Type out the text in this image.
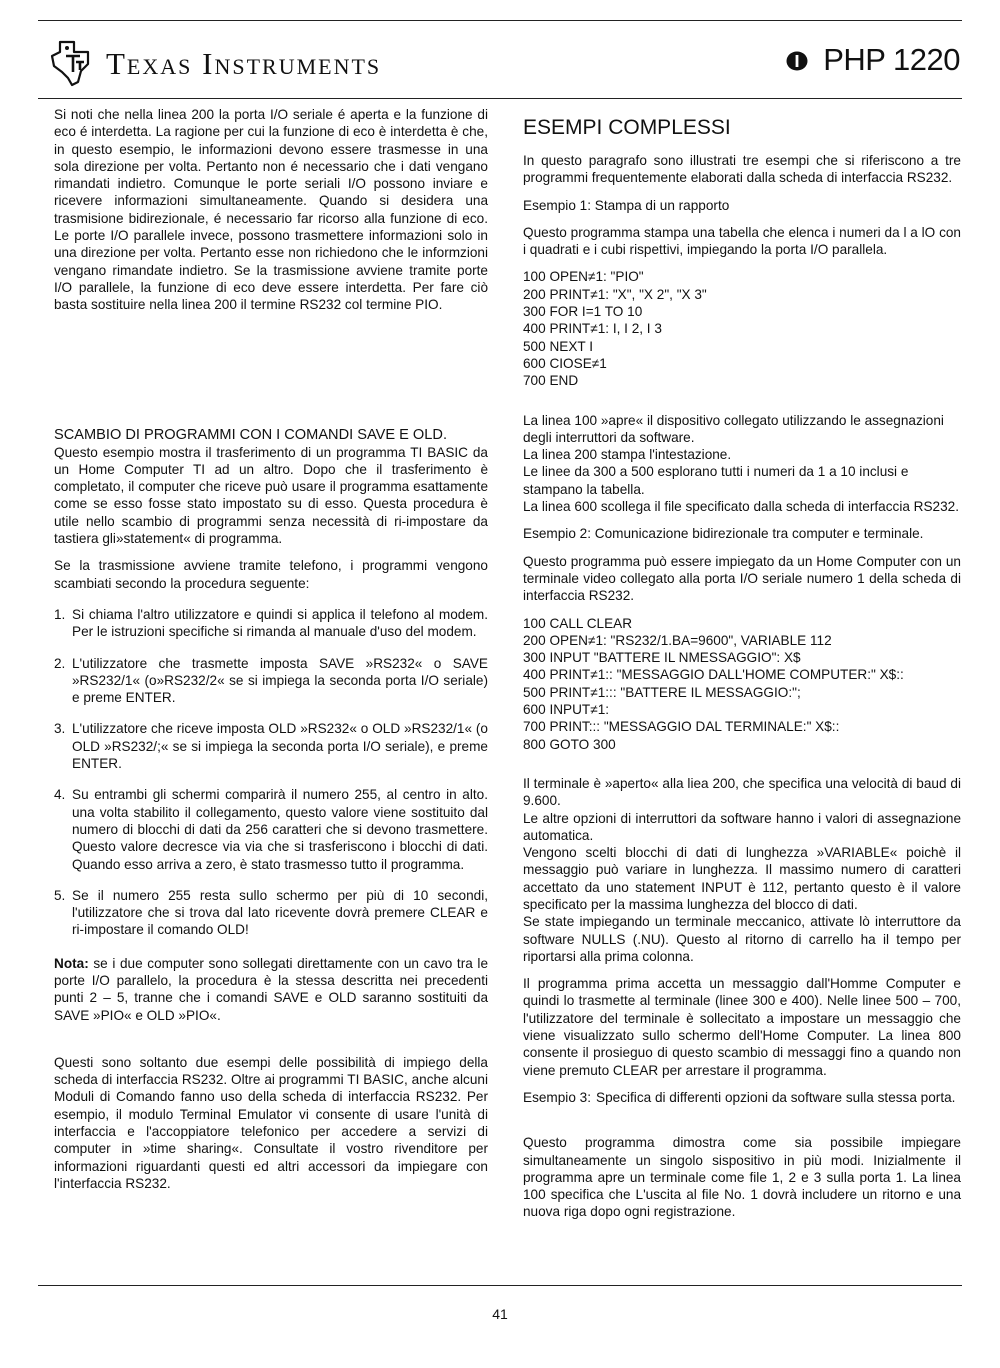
Texas Instruments	PHP 1220

Si noti che nella linea 200 la porta I/O seriale é aperta e la funzione di eco é interdetta. La ragione per cui la funzione di eco è interdetta è che, in questo esempio, le informazioni devono essere trasmesse in una sola direzione per volta. Pertanto non é necessario che i dati vengano rimandati indietro. Comunque le porte seriali I/O possono inviare e ricevere informazioni simultaneamente. Quando si desidera una trasmisione bidirezionale, é necessario far ricorso alla funzione di eco. Le porte I/O parallele invece, possono trasmettere informazioni solo in una direzione per volta. Pertanto esse non richiedono che le informzioni vengano rimandate indietro. Se la trasmissione avviene tramite porte I/O parallele, la funzione di eco deve essere interdetta. Per fare ciò basta sostituire nella linea 200 il termine RS232 col termine PIO.

SCAMBIO DI PROGRAMMI CON I COMANDI SAVE E OLD.

Questo esempio mostra il trasferimento di un programma TI BASIC da un Home Computer TI ad un altro. Dopo che il trasferimento è completato, il computer che riceve può usare il programma esattamente come se esso fosse stato impostato su di esso. Questa procedura è utile nello scambio di programmi senza necessità di ri-impostare da tastiera gli»statement« di programma.

Se la trasmissione avviene tramite telefono, i programmi vengono scambiati secondo la procedura seguente:

1. Si chiama l'altro utilizzatore e quindi si applica il telefono al modem. Per le istruzioni specifiche si rimanda al manuale d'uso del modem.
2. L'utilizzatore che trasmette imposta SAVE »RS232« o SAVE »RS232/1« (o»RS232/2« se si impiega la seconda porta I/O seriale) e preme ENTER.
3. L'utilizzatore che riceve imposta OLD »RS232« o OLD »RS232/1« (o OLD »RS232/;« se si impiega la seconda porta I/O seriale), e preme ENTER.
4. Su entrambi gli schermi comparirà il numero 255, al centro in alto. una volta stabilito il collegamento, questo valore viene sostituito dal numero di blocchi di dati da 256 caratteri che si devono trasmettere. Questo valore decresce via via che si trasferiscono i blocchi di dati. Quando esso arriva a zero, è stato trasmesso tutto il programma.
5. Se il numero 255 resta sullo schermo per più di 10 secondi, l'utilizzatore che si trova dal lato ricevente dovrà premere CLEAR e ri-impostare il comando OLD!

Nota: se i due computer sono sollegati direttamente con un cavo tra le porte I/O parallelo, la procedura è la stessa descritta nei precedenti punti 2 – 5, tranne che i comandi SAVE e OLD saranno sostituiti da SAVE »PIO« e OLD »PIO«.

Questi sono soltanto due esempi delle possibilità di impiego della scheda di interfaccia RS232. Oltre ai programmi TI BASIC, anche alcuni Moduli di Comando fanno uso della scheda di interfaccia RS232. Per esempio, il modulo Terminal Emulator vi consente di usare l'unità di interfaccia e l'accoppiatore telefonico per accedere a servizi di computer in »time sharing«. Consultate il vostro rivenditore per informazioni riguardanti questi ed altri accessori da impiegare con l'interfaccia RS232.

ESEMPI COMPLESSI

In questo paragrafo sono illustrati tre esempi che si riferiscono a tre programmi frequentemente elaborati dalla scheda di interfaccia RS232.

Esempio 1: Stampa di un rapporto

Questo programma stampa una tabella che elenca i numeri da l a lO con i quadrati e i cubi rispettivi, impiegando la porta I/O parallela.

100 OPEN≠1: "PIO"
200 PRINT≠1: "X", "X 2", "X 3"
300 FOR I=1 TO 10
400 PRINT≠1: I, I 2, I 3
500 NEXT I
600 CIOSE≠1
700 END

La linea 100 »apre« il dispositivo collegato utilizzando le assegnazioni degli interruttori da software.
La linea 200 stampa l'intestazione.
Le linee da 300 a 500 esplorano tutti i numeri da 1 a 10 inclusi e stampano la tabella.
La linea 600 scollega il file specificato dalla scheda di interfaccia RS232.

Esempio 2: Comunicazione bidirezionale tra computer e terminale.

Questo programma può essere impiegato da un Home Computer con un terminale video collegato alla porta I/O seriale numero 1 della scheda di interfaccia RS232.

100 CALL CLEAR
200 OPEN≠1: "RS232/1.BA=9600", VARIABLE 112
300 INPUT "BATTERE IL NMESSAGGIO": X$
400 PRINT≠1:: "MESSAGGIO DALL'HOME COMPUTER:" X$::
500 PRINT≠1::: "BATTERE IL MESSAGGIO:";
600 INPUT≠1:
700 PRINT::: "MESSAGGIO DAL TERMINALE:" X$::
800 GOTO 300

Il terminale è »aperto« alla liea 200, che specifica una velocità di baud di 9.600.
Le altre opzioni di interruttori da software hanno i valori di assegnazione automatica.
Vengono scelti blocchi di dati di lunghezza »VARIABLE« poichè il messaggio può variare in lunghezza. Il massimo numero di caratteri accettato da uno statement INPUT è 112, pertanto questo è il valore specificato per la massima lunghezza del blocco di dati.
Se state impiegando un terminale meccanico, attivate lò interruttore da software NULLS (.NU). Questo al ritorno di carrello ha il tempo per riportarsi alla prima colonna.

Il programma prima accetta un messaggio dall'Homme Computer e quindi lo trasmette al terminale (linee 300 e 400). Nelle linee 500 – 700, l'utilizzatore del terminale è sollecitato a impostare un messaggio che viene visualizzato sullo schermo dell'Home Computer. La linea 800 consente il prosieguo di questo scambio di messaggi fino a quando non viene premuto CLEAR per arrestare il programma.

Esempio 3: Specifica di differenti opzioni da software sulla stessa porta.

Questo programma dimostra come sia possibile impiegare simultaneamente un singolo sispositivo in più modi. Inizialmente il programma apre un terminale come file 1, 2 e 3 sulla porta 1. La linea 100 specifica che L'uscita al file No. 1 dovrà includere un ritorno e una nuova riga dopo ogni registrazione.

41
